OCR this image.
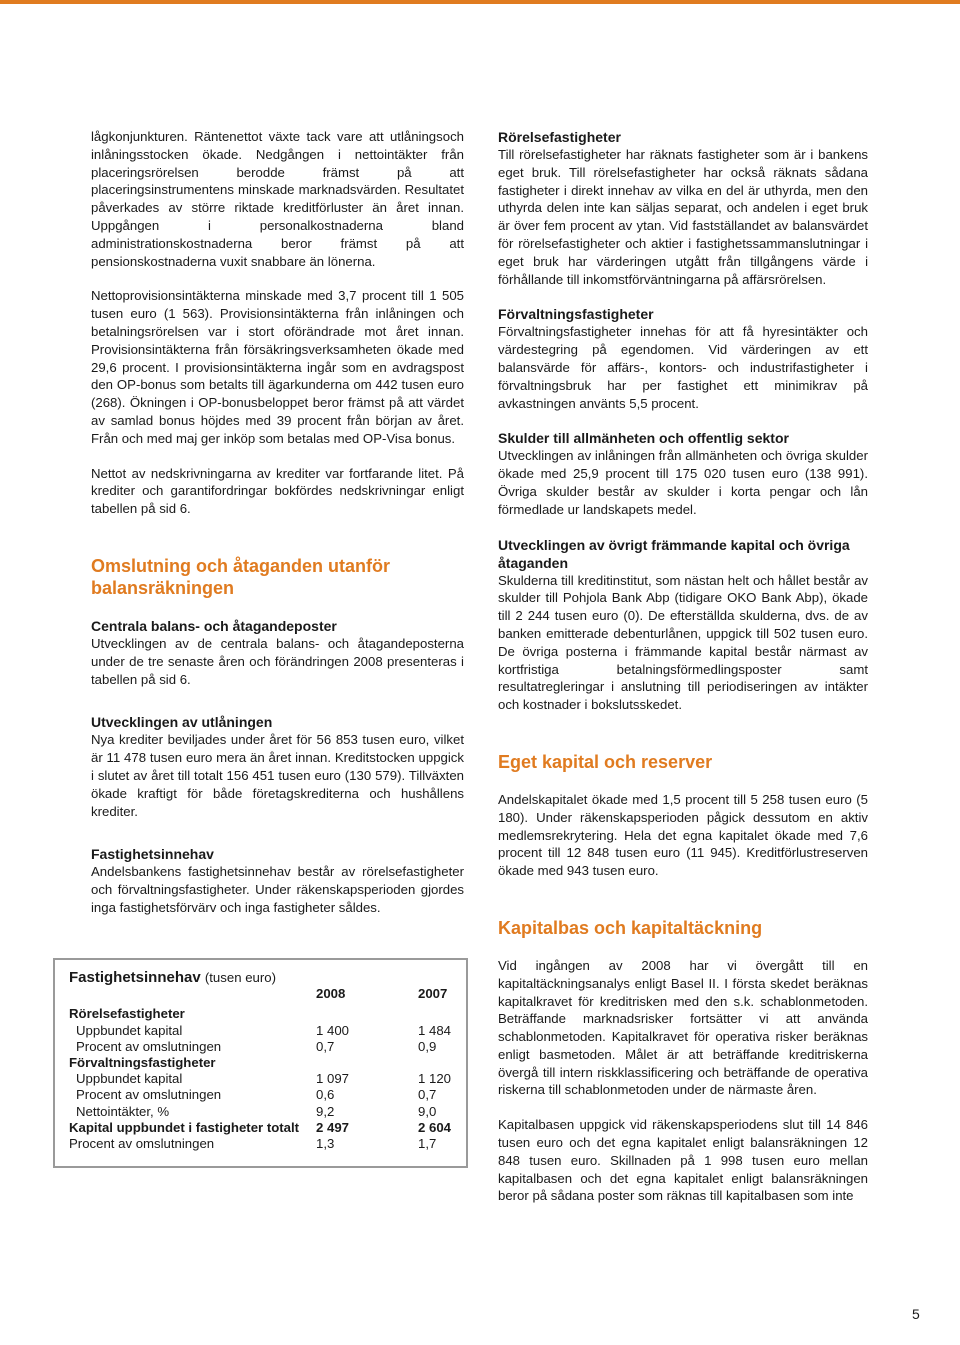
lågkonjunkturen. Räntenettot växte tack vare att utlåningsoch inlåningsstocken ökade. Nedgången i nettointäkter från placeringsrörelsen berodde främst på att placeringsinstrumentens minskade marknadsvärden. Resultatet påverkades av större riktade kreditförluster än året innan. Uppgången i personalkostnaderna bland administrationskostnaderna beror främst på att pensionskostnaderna vuxit snabbare än lönerna.

Nettoprovisionsintäkterna minskade med 3,7 procent till 1 505 tusen euro (1 563). Provisionsintäkterna från inlåningen och betalningsrörelsen var i stort oförändrade mot året innan. Provisionsintäkterna från försäkringsverksamheten ökade med 29,6 procent. I provisionsintäkterna ingår som en avdragspost den OP-bonus som betalts till ägarkunderna om 442 tusen euro (268). Ökningen i OP-bonusbeloppet beror främst på att värdet av samlad bonus höjdes med 39 procent från början av året. Från och med maj ger inköp som betalas med OP-Visa bonus.

Nettot av nedskrivningarna av krediter var fortfarande litet. På krediter och garantifordringar bokfördes nedskrivningar enligt tabellen på sid 6.

Omslutning och åtaganden utanför balansräkningen
Centrala balans- och åtagandeposter

Utvecklingen av de centrala balans- och åtagandeposterna under de tre senaste åren och förändringen 2008 presenteras i tabellen på sid 6.

Utvecklingen av utlåningen

Nya krediter beviljades under året för 56 853 tusen euro, vilket är 11 478 tusen euro mera än året innan. Kreditstocken uppgick i slutet av året till totalt 156 451 tusen euro (130 579). Tillväxten ökade kraftigt för både företagskrediterna och hushållens krediter.

Fastighetsinnehav

Andelsbankens fastighetsinnehav består av rörelsefastigheter och förvaltningsfastigheter. Under räkenskapsperioden gjordes inga fastighetsförvärv och inga fastigheter såldes.

Fastighetsinnehav (tusen euro)
	2008	2007
Rörelsefastigheter		
Uppbundet kapital	1 400	1 484
Procent av omslutningen	0,7	0,9
Förvaltningsfastigheter		
Uppbundet kapital	1 097	1 120
Procent av omslutningen	0,6	0,7
Nettointäkter, %	9,2	9,0
Kapital uppbundet i fastigheter totalt	2 497	2 604
Procent av omslutningen	1,3	1,7
Rörelsefastigheter

Till rörelsefastigheter har räknats fastigheter som är i bankens eget bruk. Till rörelsefastigheter har också räknats sådana fastigheter i direkt innehav av vilka en del är uthyrda, men den uthyrda delen inte kan säljas separat, och andelen i eget bruk är över fem procent av ytan. Vid fastställandet av balansvärdet för rörelsefastigheter och aktier i fastighetssammanslutningar i eget bruk har värderingen utgått från tillgångens värde i förhållande till inkomstförväntningarna på affärsrörelsen.

Förvaltningsfastigheter

Förvaltningsfastigheter innehas för att få hyresintäkter och värdestegring på egendomen. Vid värderingen av ett balansvärde för affärs-, kontors- och industrifastigheter i förvaltningsbruk har per fastighet ett minimikrav på avkastningen använts 5,5 procent.

Skulder till allmänheten och offentlig sektor

Utvecklingen av inlåningen från allmänheten och övriga skulder ökade med 25,9 procent till 175 020 tusen euro (138 991). Övriga skulder består av skulder i korta pengar och lån förmedlade ur landskapets medel.

Utvecklingen av övrigt främmande kapital och övriga åtaganden

Skulderna till kreditinstitut, som nästan helt och hållet består av skulder till Pohjola Bank Abp (tidigare OKO Bank Abp), ökade till 2 244 tusen euro (0). De efterställda skulderna, dvs. de av banken emitterade debenturlånen, uppgick till 502 tusen euro. De övriga posterna i främmande kapital består närmast av kortfristiga betalningsförmedlingsposter samt resultatregleringar i anslutning till periodiseringen av intäkter och kostnader i bokslutsskedet.

Eget kapital och reserver

Andelskapitalet ökade med 1,5 procent till 5 258 tusen euro (5 180). Under räkenskapsperioden pågick dessutom en aktiv medlemsrekrytering. Hela det egna kapitalet ökade med 7,6 procent till 12 848 tusen euro (11 945). Kreditförlustreserven ökade med 943 tusen euro.

Kapitalbas och kapitaltäckning

Vid ingången av 2008 har vi övergått till en kapitaltäckningsanalys enligt Basel II. I första skedet beräknas kapitalkravet för kreditrisken med den s.k. schablonmetoden. Beträffande marknadsrisker fortsätter vi att använda schablonmetoden. Kapitalkravet för operativa risker beräknas enligt basmetoden. Målet är att beträffande kreditriskerna övergå till intern riskklassificering och beträffande de operativa riskerna till schablonmetoden under de närmaste åren.

Kapitalbasen uppgick vid räkenskapsperiodens slut till 14 846 tusen euro och det egna kapitalet enligt balansräkningen 12 848 tusen euro. Skillnaden på 1 998 tusen euro mellan kapitalbasen och det egna kapitalet enligt balansräkningen beror på sådana poster som räknas till kapitalbasen som inte

5
